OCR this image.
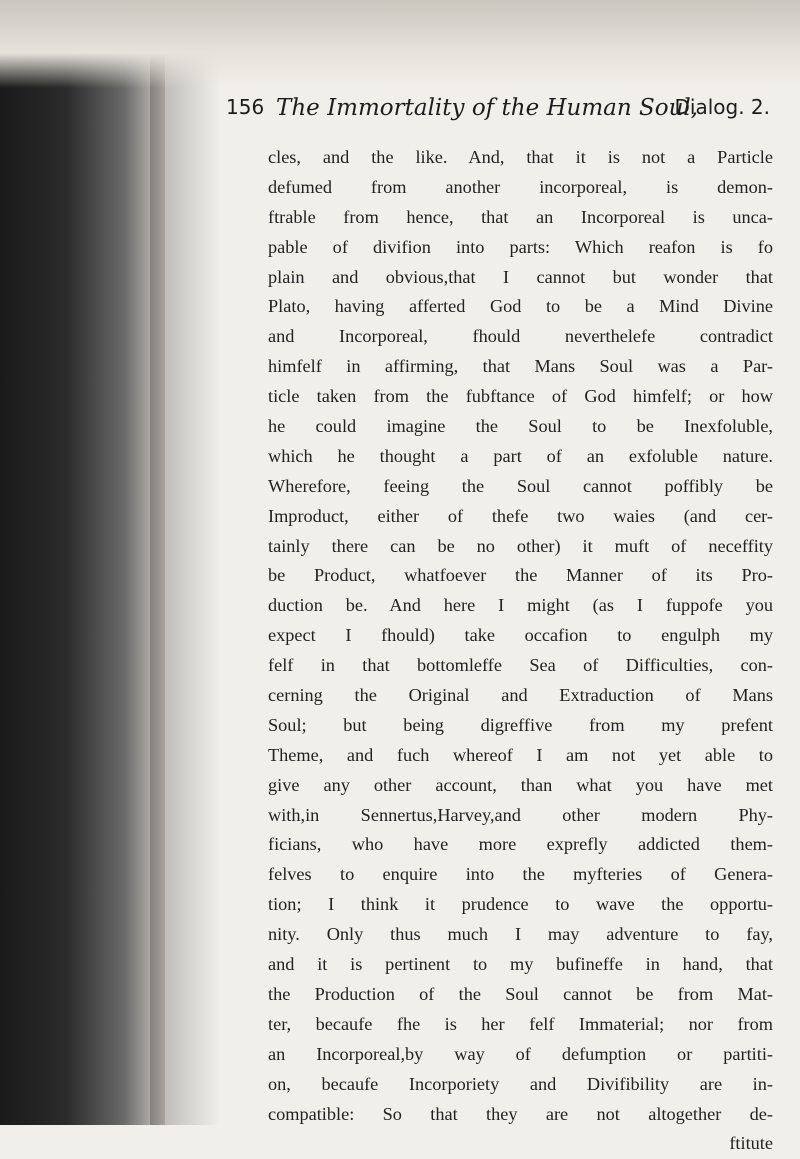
156 The Immortality of the Human Soul,
Dialog. 2.
cles, and the like. And, that it is not a Particle
defumed from another incorporeal, is demon-
ftrable from hence, that an Incorporeal is unca-
pable of divifion into parts: Which reafon is fo
plain and obvious,that I cannot but wonder that
Plato, having afferted God to be a Mind Divine
and Incorporeal, fhould neverthelefe contradict
himfelf in affirming, that Mans Soul was a Par-
ticle taken from the fubftance of God himfelf; or how
he could imagine the Soul to be Inexfoluble,
which he thought a part of an exfoluble nature.
Wherefore, feeing the Soul cannot poffibly be
Improduct, either of thefe two waies (and cer-
tainly there can be no other) it muft of neceffity
be Product, whatfoever the Manner of its Pro-
duction be. And here I might (as I fuppofe you
expect I fhould) take occafion to engulph my
felf in that bottomleffe Sea of Difficulties, con-
cerning the Original and Extraduction of Mans
Soul; but being digreffive from my prefent
Theme, and fuch whereof I am not yet able to
give any other account, than what you have met
with,in Sennertus,Harvey,and other modern Phy-
ficians, who have more exprefly addicted them-
felves to enquire into the myfteries of Genera-
tion; I think it prudence to wave the opportu-
nity. Only thus much I may adventure to fay,
and it is pertinent to my bufineffe in hand, that
the Production of the Soul cannot be from Mat-
ter, becaufe fhe is her felf Immaterial; nor from
an Incorporeal,by way of defumption or partiti-
on, becaufe Incorporiety and Divifibility are in-
compatible: So that they are not altogether de-
ftitute
